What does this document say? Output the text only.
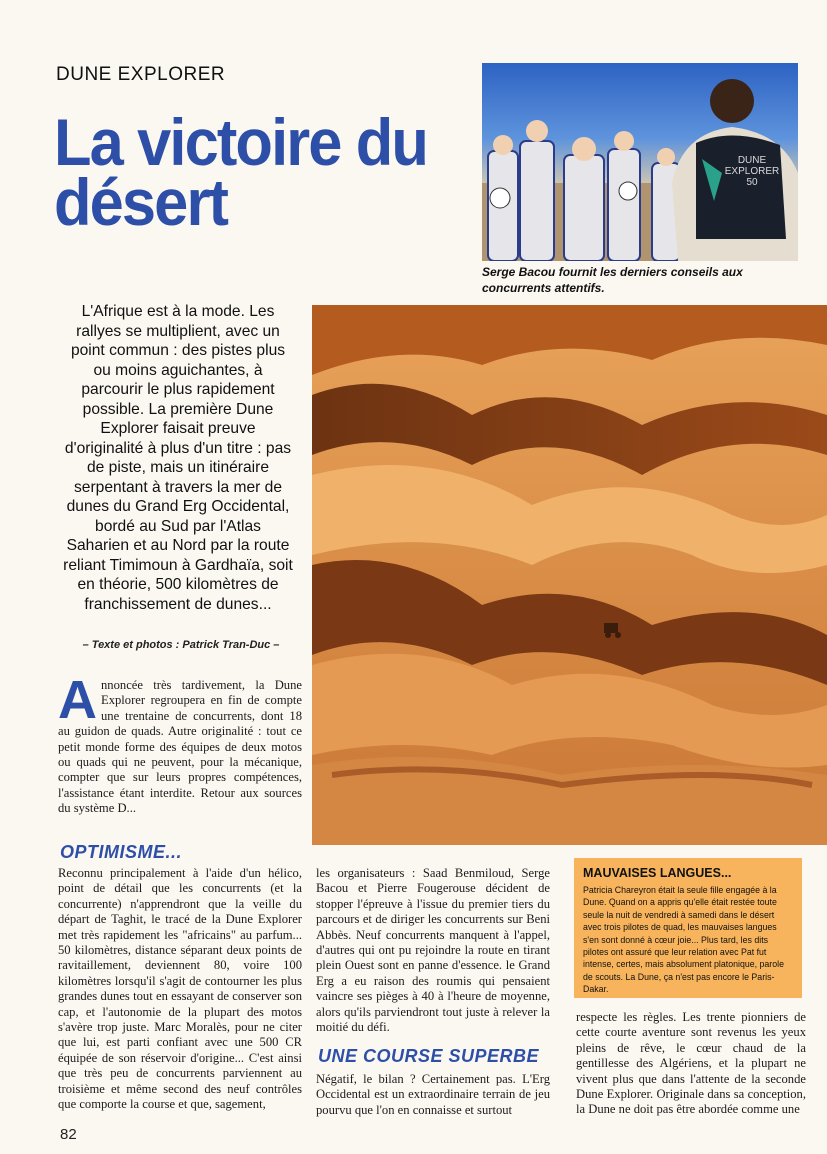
DUNE EXPLORER
La victoire du désert
DUNE EXPLORER 50
Serge Bacou fournit les derniers conseils aux concurrents attentifs.
L'Afrique est à la mode. Les rallyes se multiplient, avec un point commun : des pistes plus ou moins aguichantes, à parcourir le plus rapidement possible. La première Dune Explorer faisait preuve d'originalité à plus d'un titre : pas de piste, mais un itinéraire serpentant à travers la mer de dunes du Grand Erg Occidental, bordé au Sud par l'Atlas Saharien et au Nord par la route reliant Timimoun à Gardhaïa, soit en théorie, 500 kilomètres de franchissement de dunes...
– Texte et photos : Patrick Tran-Duc –
Annoncée très tardivement, la Dune Explorer regroupera en fin de compte une trentaine de concurrents, dont 18 au guidon de quads. Autre originalité : tout ce petit monde forme des équipes de deux motos ou quads qui ne peuvent, pour la mécanique, compter que sur leurs propres compétences, l'assistance étant interdite. Retour aux sources du système D...
OPTIMISME...
Reconnu principalement à l'aide d'un hélico, point de détail que les concurrents (et la concurrente) n'apprendront que la veille du départ de Taghit, le tracé de la Dune Explorer met très rapidement les "africains" au parfum... 50 kilomètres, distance séparant deux points de ravitaillement, deviennent 80, voire 100 kilomètres lorsqu'il s'agit de contourner les plus grandes dunes tout en essayant de conserver son cap, et l'autonomie de la plupart des motos s'avère trop juste. Marc Moralès, pour ne citer que lui, est parti confiant avec une 500 CR équipée de son réservoir d'origine... C'est ainsi que très peu de concurrents parviennent au troisième et même second des neuf contrôles que comporte la course et que, sagement,
les organisateurs : Saad Benmiloud, Serge Bacou et Pierre Fougerouse décident de stopper l'épreuve à l'issue du premier tiers du parcours et de diriger les concurrents sur Beni Abbès. Neuf concurrents manquent à l'appel, d'autres qui ont pu rejoindre la route en tirant plein Ouest sont en panne d'essence. le Grand Erg a eu raison des roumis qui pensaient vaincre ses pièges à 40 à l'heure de moyenne, alors qu'ils parviendront tout juste à relever la moitié du défi.
UNE COURSE SUPERBE
Négatif, le bilan ? Certainement pas. L'Erg Occidental est un extraordinaire terrain de jeu pourvu que l'on en connaisse et surtout
MAUVAISES LANGUES...
Patricia Chareyron était la seule fille engagée à la Dune. Quand on a appris qu'elle était restée toute seule la nuit de vendredi à samedi dans le désert avec trois pilotes de quad, les mauvaises langues s'en sont donné à cœur joie... Plus tard, les dits pilotes ont assuré que leur relation avec Pat fut intense, certes, mais absolument platonique, parole de scouts. La Dune, ça n'est pas encore le Paris-Dakar.
respecte les règles. Les trente pionniers de cette courte aventure sont revenus les yeux pleins de rêve, le cœur chaud de la gentillesse des Algériens, et la plupart ne vivent plus que dans l'attente de la seconde Dune Explorer. Originale dans sa conception, la Dune ne doit pas être abordée comme une
82
